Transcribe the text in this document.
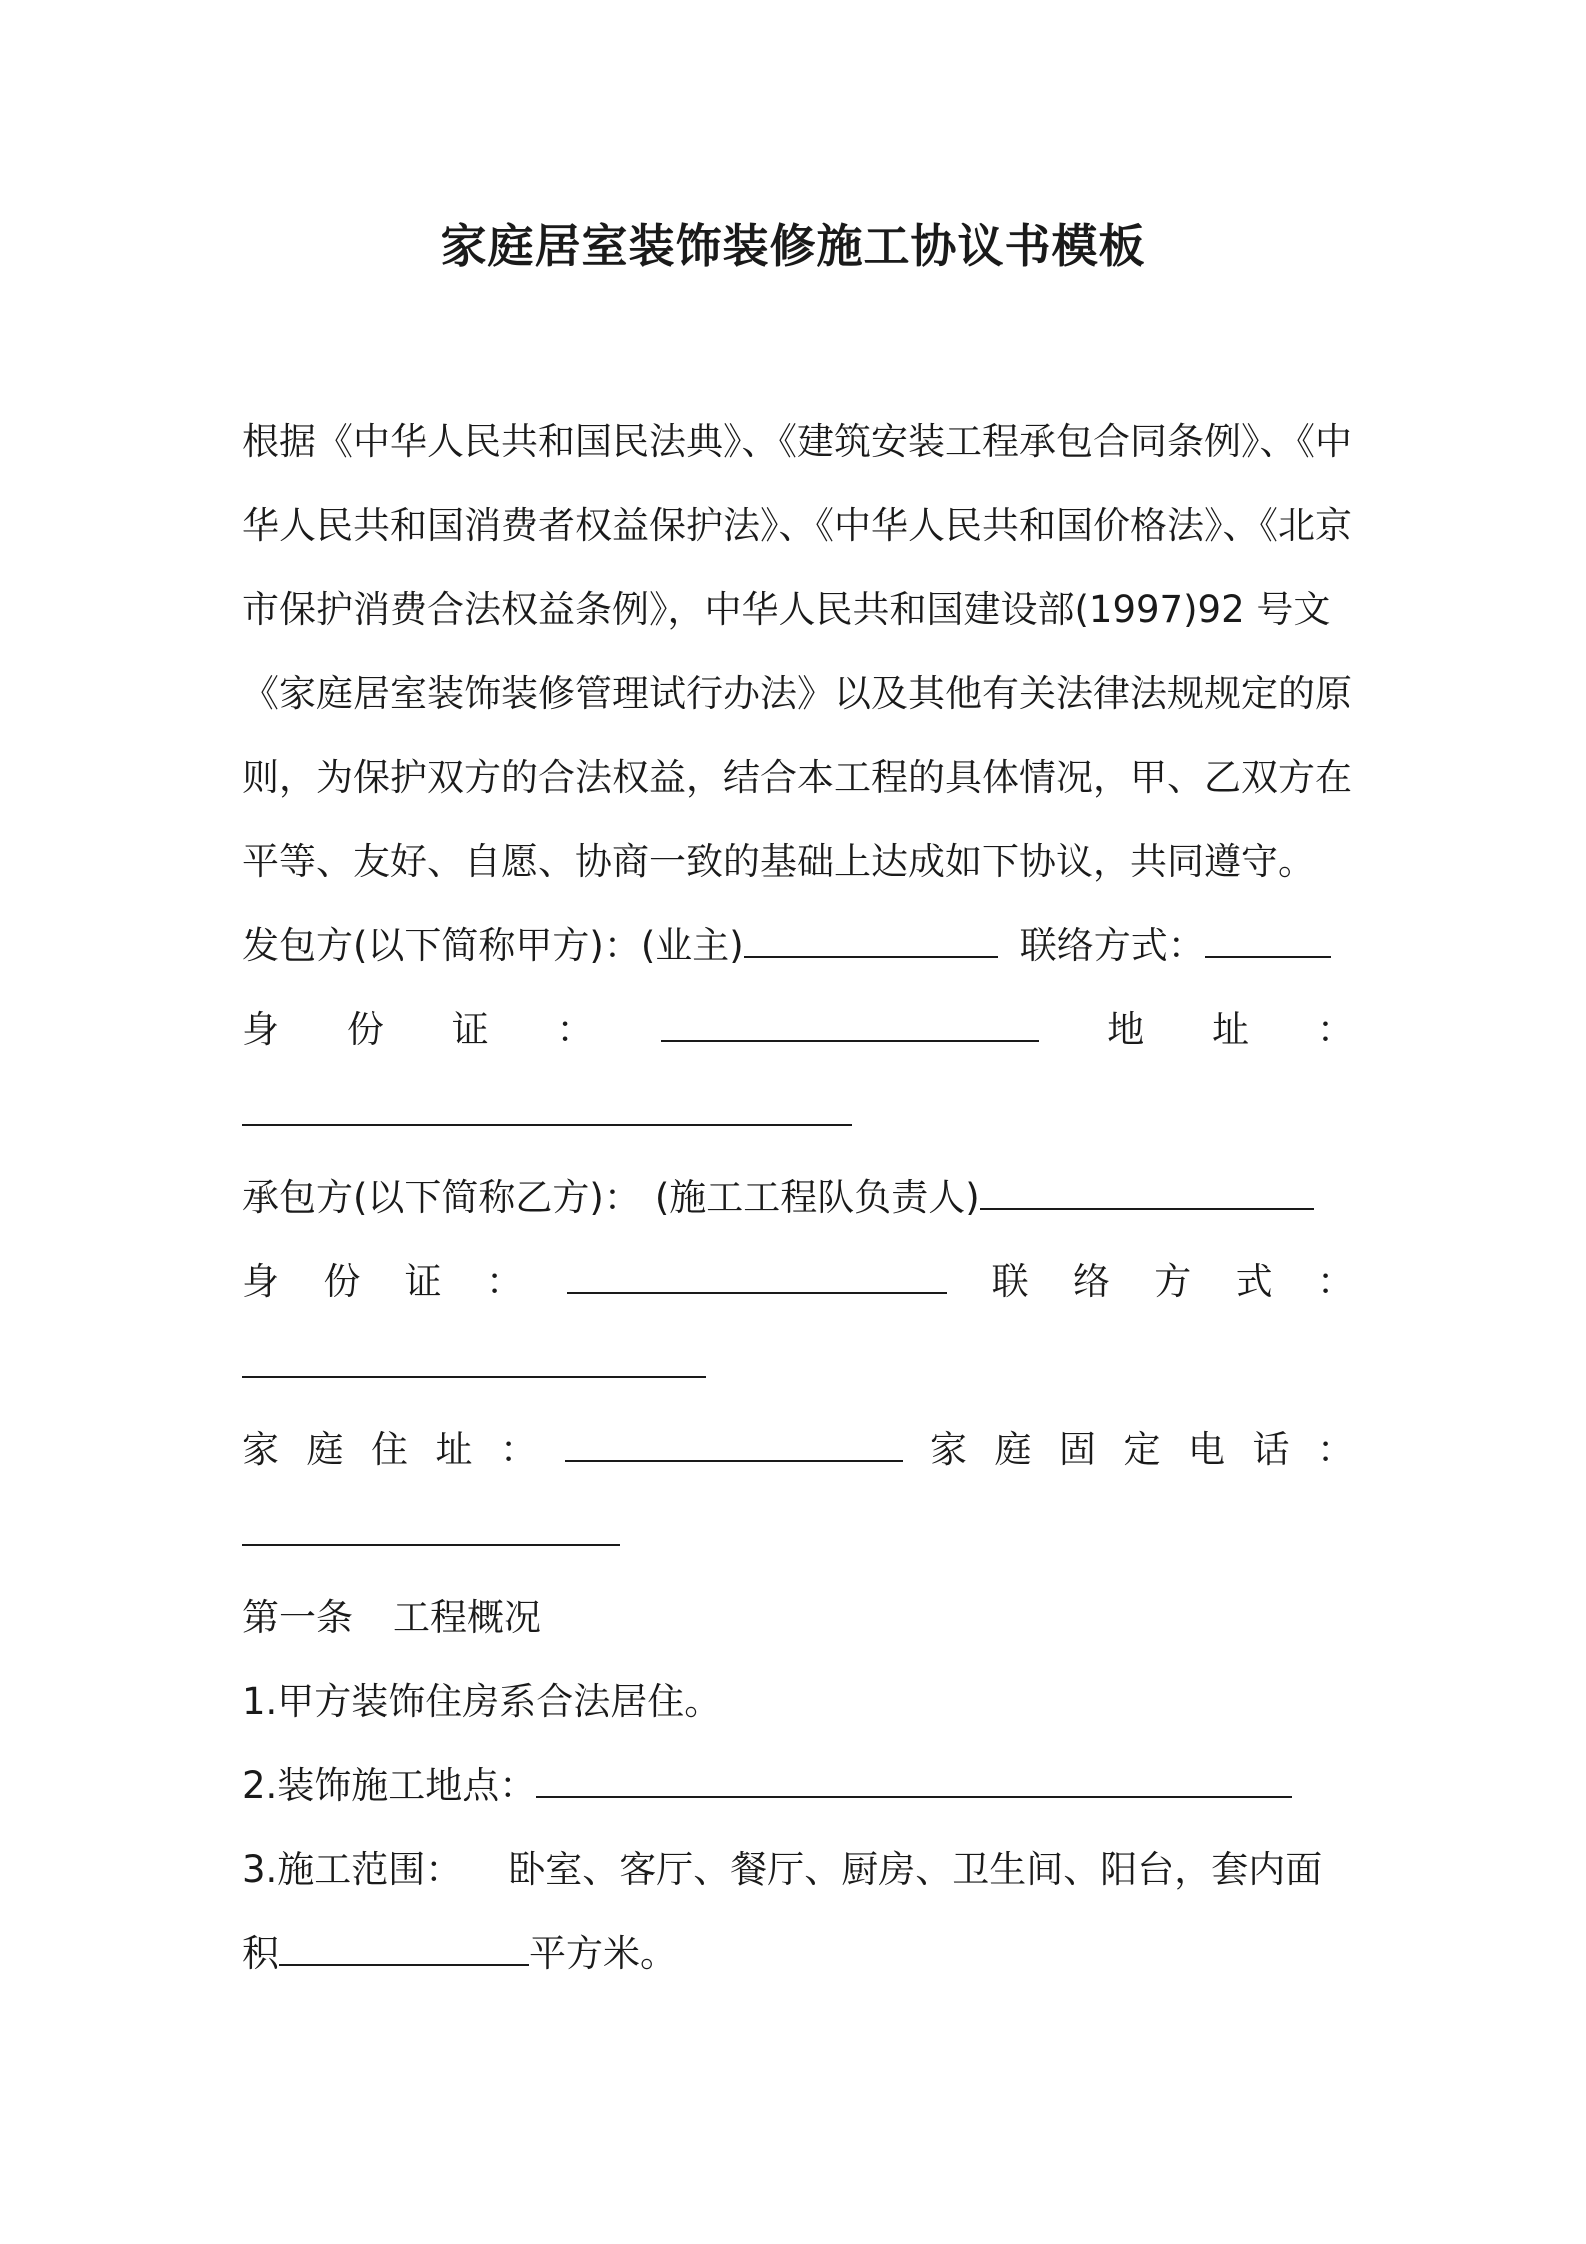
家庭居室装饰装修施工协议书模板
根据《中华人民共和国民法典》、《建筑安装工程承包合同条例》、《中
华人民共和国消费者权益保护法》、《中华人民共和国价格法》、《北京
市保护消费合法权益条例》，中华人民共和国建设部(1997)92 号文
《家庭居室装饰装修管理试行办法》以及其他有关法律法规规定的原
则，为保护双方的合法权益，结合本工程的具体情况，甲、乙双方在
平等、友好、自愿、协商一致的基础上达成如下协议，共同遵守。
发包方(以下简称甲方)：(业主)	联络方式：
身 份 证 ：	地 址 ：
承包方(以下简称乙方)： (施工工程队负责人)
身 份 证 ：	联 络 方 式 ：
家 庭 住 址 ：	家 庭 固 定 电 话 ：
第一条 工程概况
1.甲方装饰住房系合法居住。
2.装饰施工地点：
3.施工范围： 卧室、客厅、餐厅、厨房、卫生间、阳台，套内面
积	平方米。
